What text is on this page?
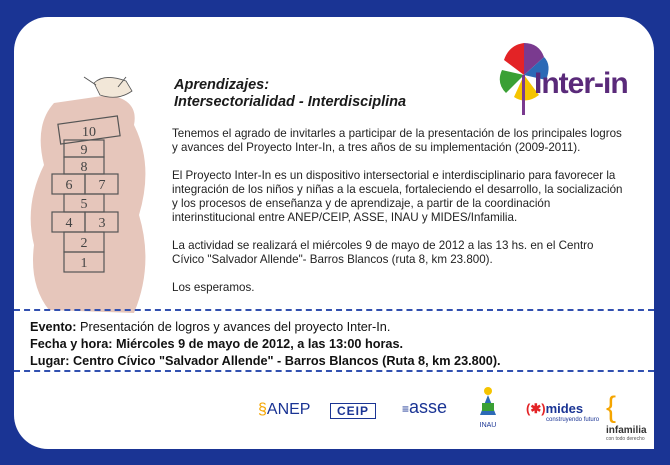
10
9
8
6 7
5
4 3
2
1
Aprendizajes:
Intersectorialidad - Interdisciplina
Inter-in

Tenemos el agrado de invitarles a participar de la presentación de los principales logros y avances del Proyecto Inter-In, a tres años de su implementación (2009-2011).

El Proyecto Inter-In es un dispositivo intersectorial e interdisciplinario para favorecer la integración de los niños y niñas a la escuela, fortaleciendo el desarrollo, la socialización y los procesos de enseñanza y de aprendizaje, a partir de la coordinación interinstitucional entre ANEP/CEIP, ASSE, INAU y MIDES/Infamilia.

La actividad se realizará el miércoles 9 de mayo de 2012 a las 13 hs. en el Centro Cívico "Salvador Allende"- Barros Blancos (ruta 8, km 23.800).

Los esperamos.

Evento: Presentación de logros y avances del proyecto Inter-In.
Fecha y hora: Miércoles 9 de mayo de 2012, a las 13:00 horas.
Lugar: Centro Cívico "Salvador Allende" - Barros Blancos (Ruta 8, km 23.800).
§ANEP	CEIP	≡asse
INAU
(✱)mides
construyendo futuro {
infamilia
con todo derecho
